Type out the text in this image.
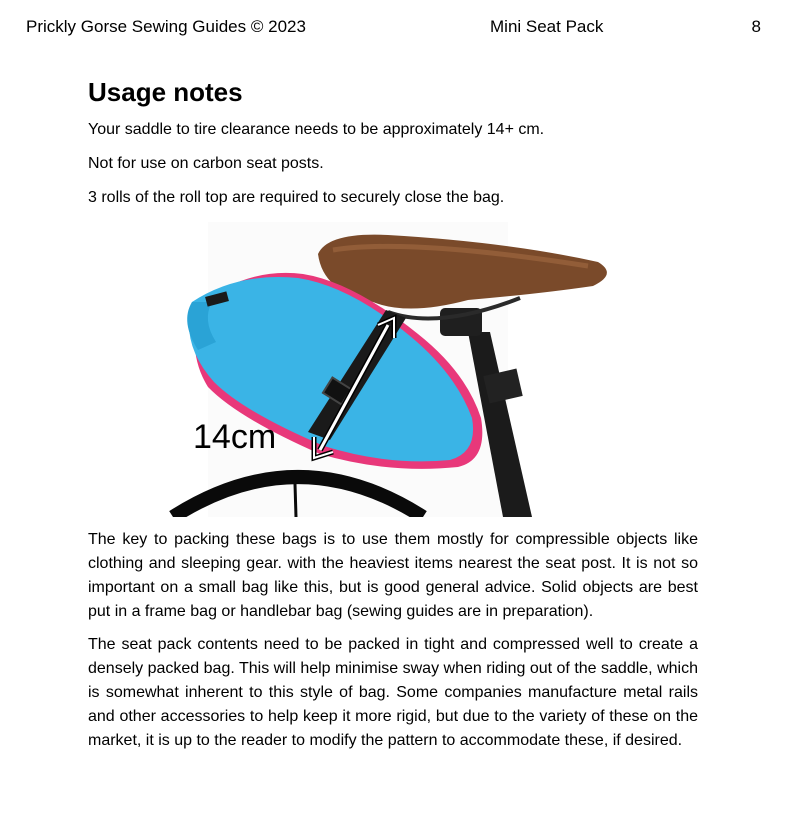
Prickly Gorse Sewing Guides © 2023	Mini Seat Pack	8
Usage notes

Your saddle to tire clearance needs to be approximately 14+ cm.

Not for use on carbon seat posts.

3 rolls of the roll top are required to securely close the bag.

14cm

The key to packing these bags is to use them mostly for compressible objects like clothing and sleeping gear. with the heaviest items nearest the seat post. It is not so important on a small bag like this, but is good general advice. Solid objects are best put in a frame bag or handlebar bag (sewing guides are in preparation).

The seat pack contents need to be packed in tight and compressed well to create a densely packed bag. This will help minimise sway when riding out of the saddle, which is somewhat inherent to this style of bag. Some companies manufacture metal rails and other accessories to help keep it more rigid, but due to the variety of these on the market, it is up to the reader to modify the pattern to accommodate these, if desired.
